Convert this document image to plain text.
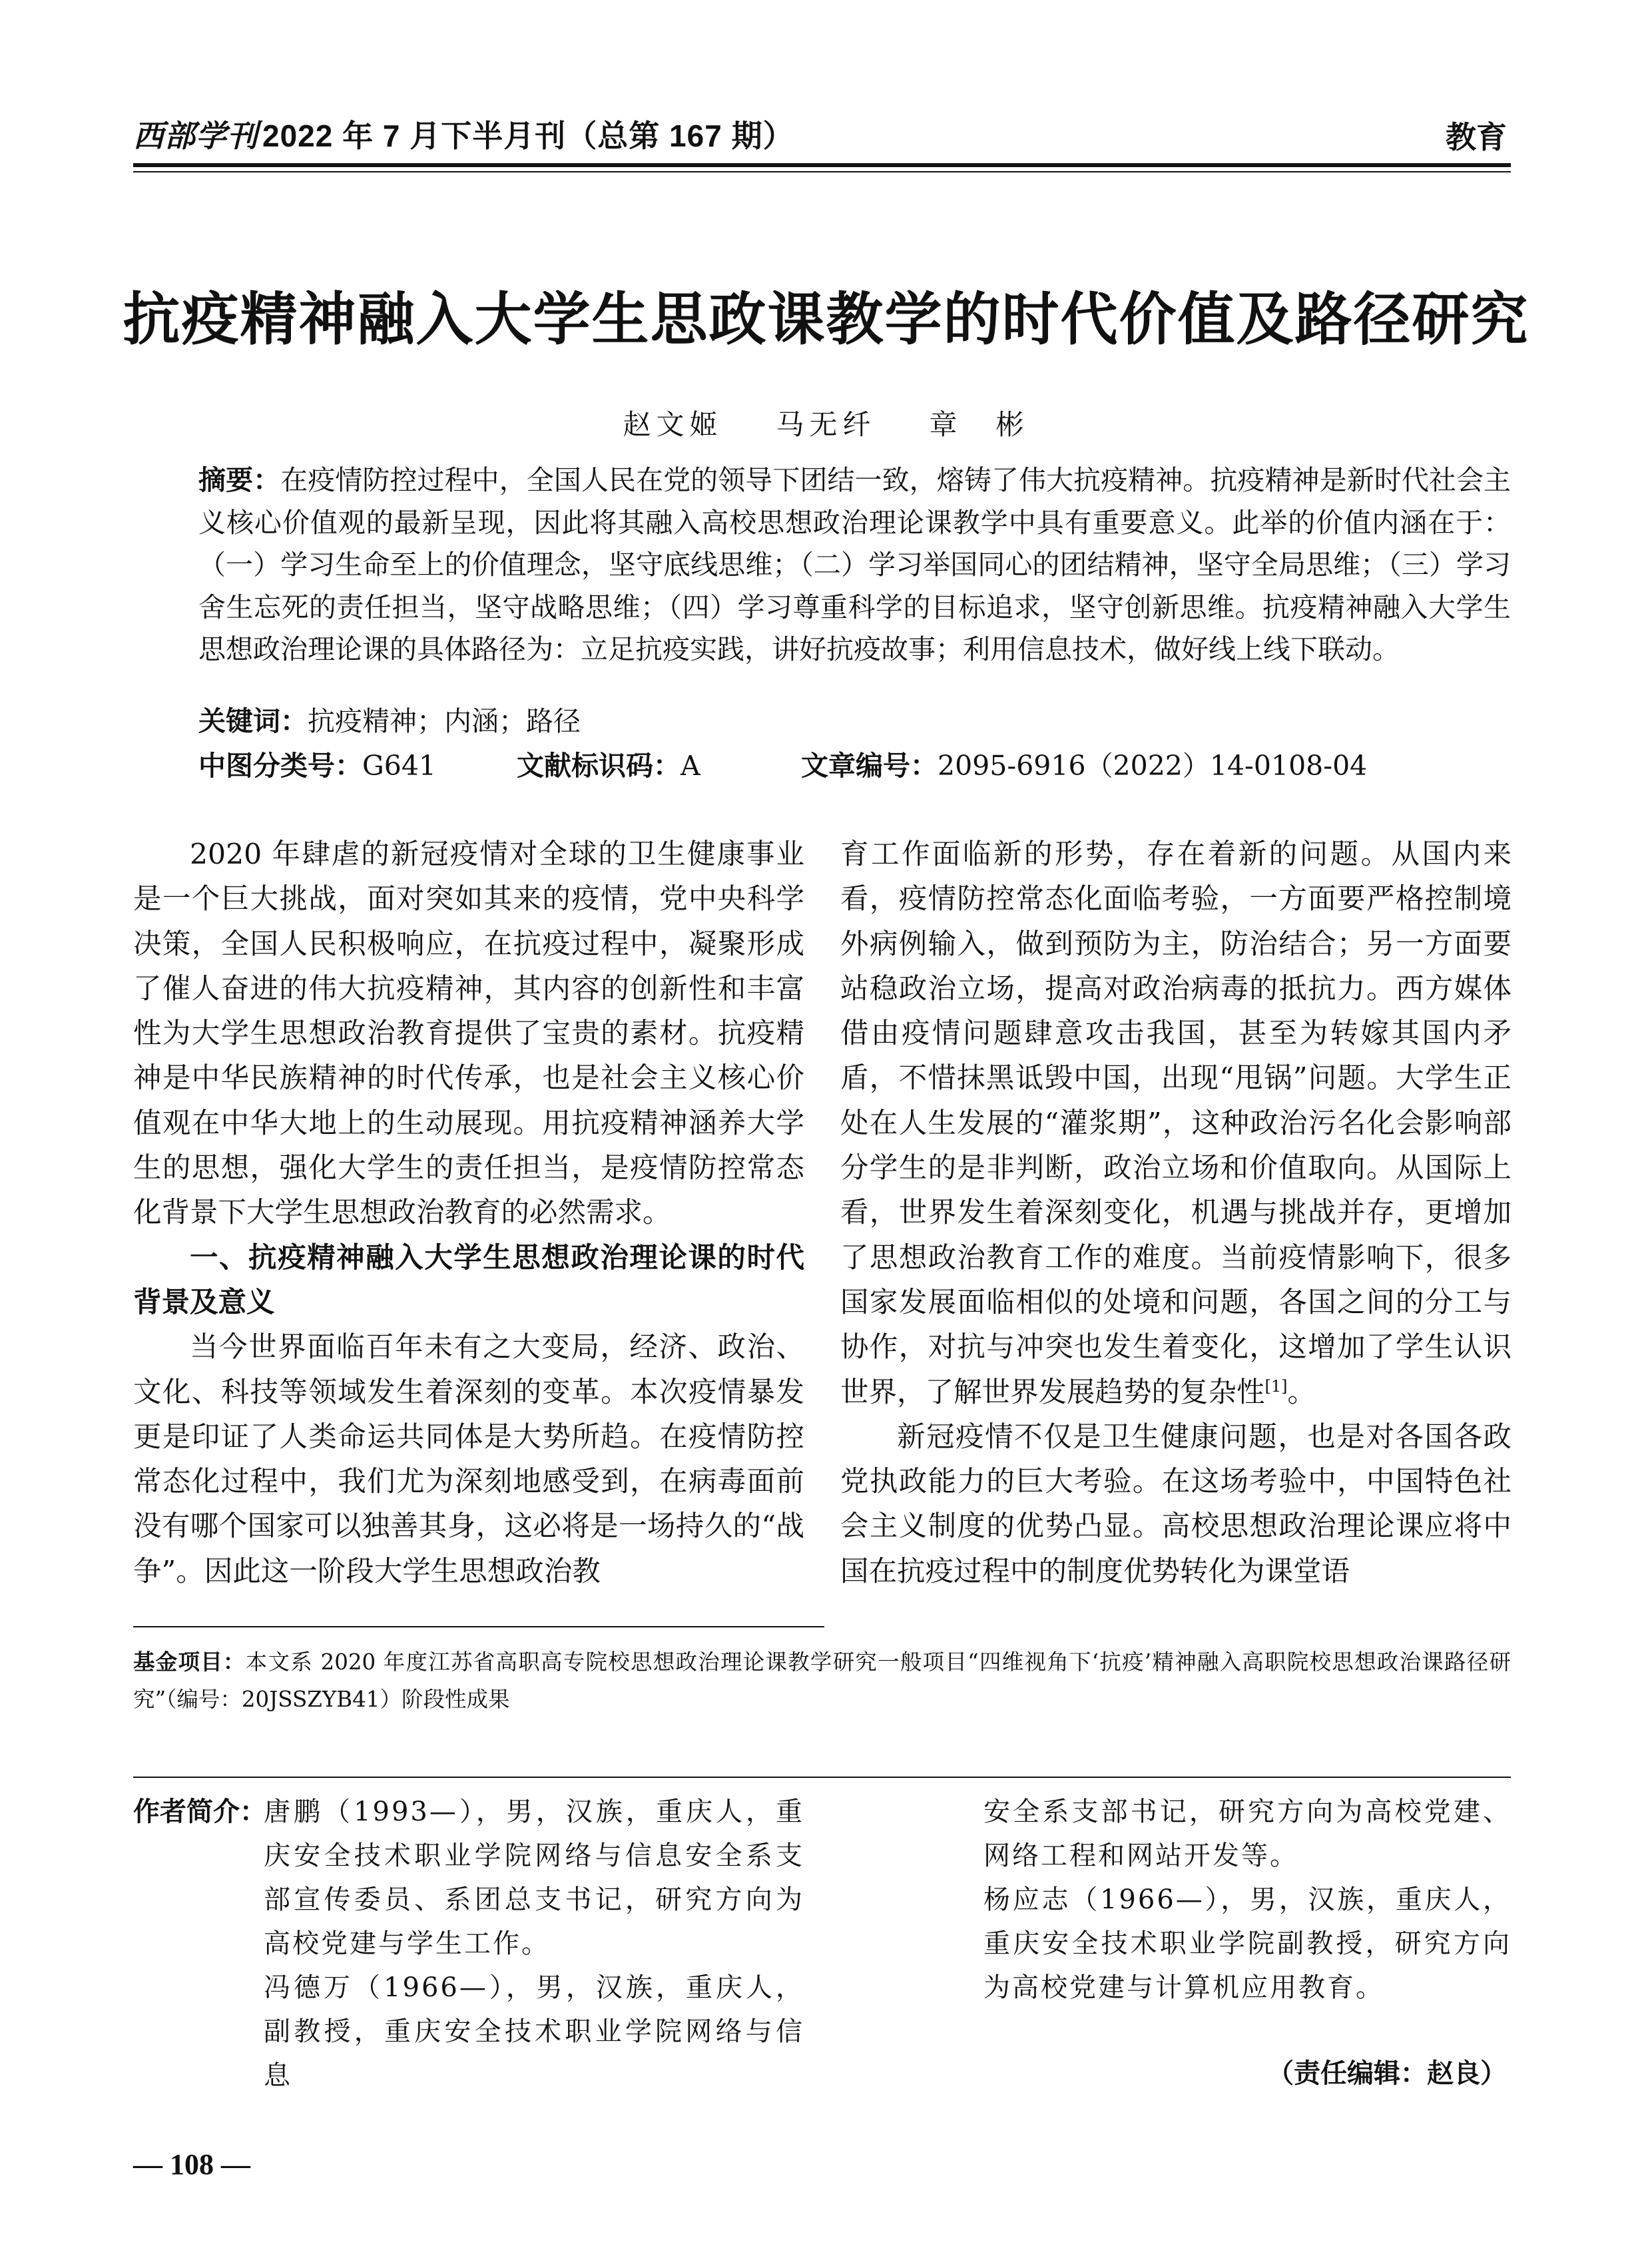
西部学刊 2022 年 7 月下半月刊（总第 167 期）	教育
抗疫精神融入大学生思政课教学的时代价值及路径研究
赵文姬 马无纤 章　彬

摘要：在疫情防控过程中，全国人民在党的领导下团结一致，熔铸了伟大抗疫精神。抗疫精神是新时代社会主义核心价值观的最新呈现，因此将其融入高校思想政治理论课教学中具有重要意义。此举的价值内涵在于：（一）学习生命至上的价值理念，坚守底线思维；（二）学习举国同心的团结精神，坚守全局思维；（三）学习舍生忘死的责任担当，坚守战略思维；（四）学习尊重科学的目标追求，坚守创新思维。抗疫精神融入大学生思想政治理论课的具体路径为：立足抗疫实践，讲好抗疫故事；利用信息技术，做好线上线下联动。

关键词：抗疫精神；内涵；路径
中图分类号：G641	文献标识码：A	文章编号：2095-6916（2022）14-0108-04

2020 年肆虐的新冠疫情对全球的卫生健康事业是一个巨大挑战，面对突如其来的疫情，党中央科学决策，全国人民积极响应，在抗疫过程中，凝聚形成了催人奋进的伟大抗疫精神，其内容的创新性和丰富性为大学生思想政治教育提供了宝贵的素材。抗疫精神是中华民族精神的时代传承，也是社会主义核心价值观在中华大地上的生动展现。用抗疫精神涵养大学生的思想，强化大学生的责任担当，是疫情防控常态化背景下大学生思想政治教育的必然需求。

一、抗疫精神融入大学生思想政治理论课的时代背景及意义

当今世界面临百年未有之大变局，经济、政治、文化、科技等领域发生着深刻的变革。本次疫情暴发更是印证了人类命运共同体是大势所趋。在疫情防控常态化过程中，我们尤为深刻地感受到，在病毒面前没有哪个国家可以独善其身，这必将是一场持久的“战争”。因此这一阶段大学生思想政治教

育工作面临新的形势，存在着新的问题。从国内来看，疫情防控常态化面临考验，一方面要严格控制境外病例输入，做到预防为主，防治结合；另一方面要站稳政治立场，提高对政治病毒的抵抗力。西方媒体借由疫情问题肆意攻击我国，甚至为转嫁其国内矛盾，不惜抹黑诋毁中国，出现“甩锅”问题。大学生正处在人生发展的“灌浆期”，这种政治污名化会影响部分学生的是非判断，政治立场和价值取向。从国际上看，世界发生着深刻变化，机遇与挑战并存，更增加了思想政治教育工作的难度。当前疫情影响下，很多国家发展面临相似的处境和问题，各国之间的分工与协作，对抗与冲突也发生着变化，这增加了学生认识世界，了解世界发展趋势的复杂性[1]。

新冠疫情不仅是卫生健康问题，也是对各国各政党执政能力的巨大考验。在这场考验中，中国特色社会主义制度的优势凸显。高校思想政治理论课应将中国在抗疫过程中的制度优势转化为课堂语

基金项目：本文系 2020 年度江苏省高职高专院校思想政治理论课教学研究一般项目“四维视角下‘抗疫’精神融入高职院校思想政治课路径研究”（编号：20JSSZYB41）阶段性成果
作者简介：

唐鹏（1993—），男，汉族，重庆人，重庆安全技术职业学院网络与信息安全系支部宣传委员、系团总支书记，研究方向为高校党建与学生工作。

冯德万（1966—），男，汉族，重庆人，副教授，重庆安全技术职业学院网络与信息

安全系支部书记，研究方向为高校党建、网络工程和网站开发等。

杨应志（1966—），男，汉族，重庆人，重庆安全技术职业学院副教授，研究方向为高校党建与计算机应用教育。

（责任编辑：赵良）
— 108 —
